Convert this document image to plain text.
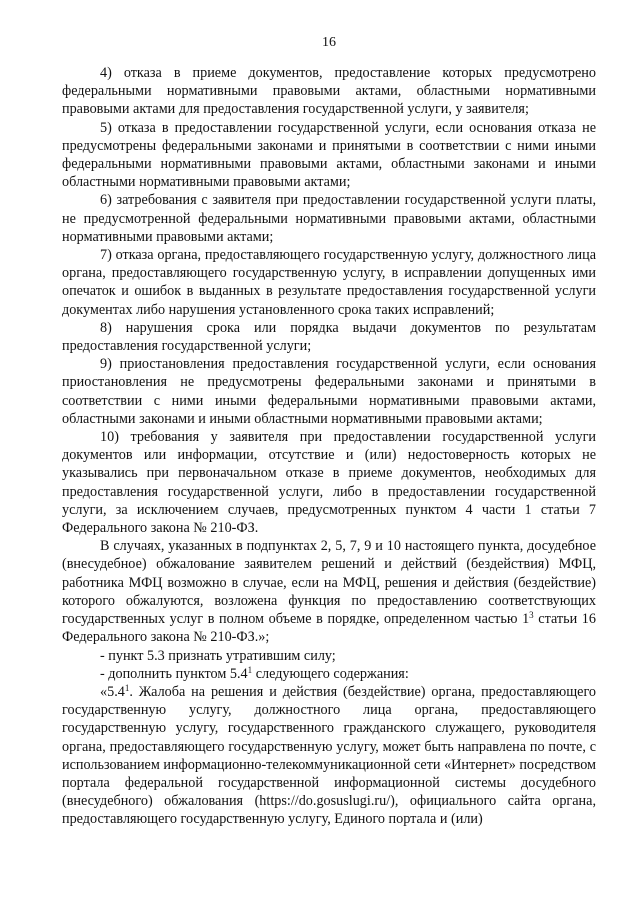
16

4) отказа в приеме документов, предоставление которых предусмотрено федеральными нормативными правовыми актами, областными нормативными правовыми актами для предоставления государственной услуги, у заявителя;

5) отказа в предоставлении государственной услуги, если основания отказа не предусмотрены федеральными законами и принятыми в соответствии с ними иными федеральными нормативными правовыми актами, областными законами и иными областными нормативными правовыми актами;

6) затребования с заявителя при предоставлении государственной услуги платы, не предусмотренной федеральными нормативными правовыми актами, областными нормативными правовыми актами;

7) отказа органа, предоставляющего государственную услугу, должностного лица органа, предоставляющего государственную услугу, в исправлении допущенных ими опечаток и ошибок в выданных в результате предоставления государственной услуги документах либо нарушения установленного срока таких исправлений;

8) нарушения срока или порядка выдачи документов по результатам предоставления государственной услуги;

9) приостановления предоставления государственной услуги, если основания приостановления не предусмотрены федеральными законами и принятыми в соответствии с ними иными федеральными нормативными правовыми актами, областными законами и иными областными нормативными правовыми актами;

10) требования у заявителя при предоставлении государственной услуги документов или информации, отсутствие и (или) недостоверность которых не указывались при первоначальном отказе в приеме документов, необходимых для предоставления государственной услуги, либо в предоставлении государственной услуги, за исключением случаев, предусмотренных пунктом 4 части 1 статьи 7 Федерального закона № 210-ФЗ.

В случаях, указанных в подпунктах 2, 5, 7, 9 и 10 настоящего пункта, досудебное (внесудебное) обжалование заявителем решений и действий (бездействия) МФЦ, работника МФЦ возможно в случае, если на МФЦ, решения и действия (бездействие) которого обжалуются, возложена функция по предоставлению соответствующих государственных услуг в полном объеме в порядке, определенном частью $1^3$ статьи 16 Федерального закона № 210-ФЗ.»;

- пункт 5.3 признать утратившим силу;

- дополнить пунктом $5.4^1$ следующего содержания:

«$5.4^1$. Жалоба на решения и действия (бездействие) органа, предоставляющего государственную услугу, должностного лица органа, предоставляющего государственную услугу, государственного гражданского служащего, руководителя органа, предоставляющего государственную услугу, может быть направлена по почте, с использованием информационно-телекоммуникационной сети «Интернет» посредством портала федеральной государственной информационной системы досудебного (внесудебного) обжалования (https://do.gosuslugi.ru/), официального сайта органа, предоставляющего государственную услугу, Единого портала и (или)
